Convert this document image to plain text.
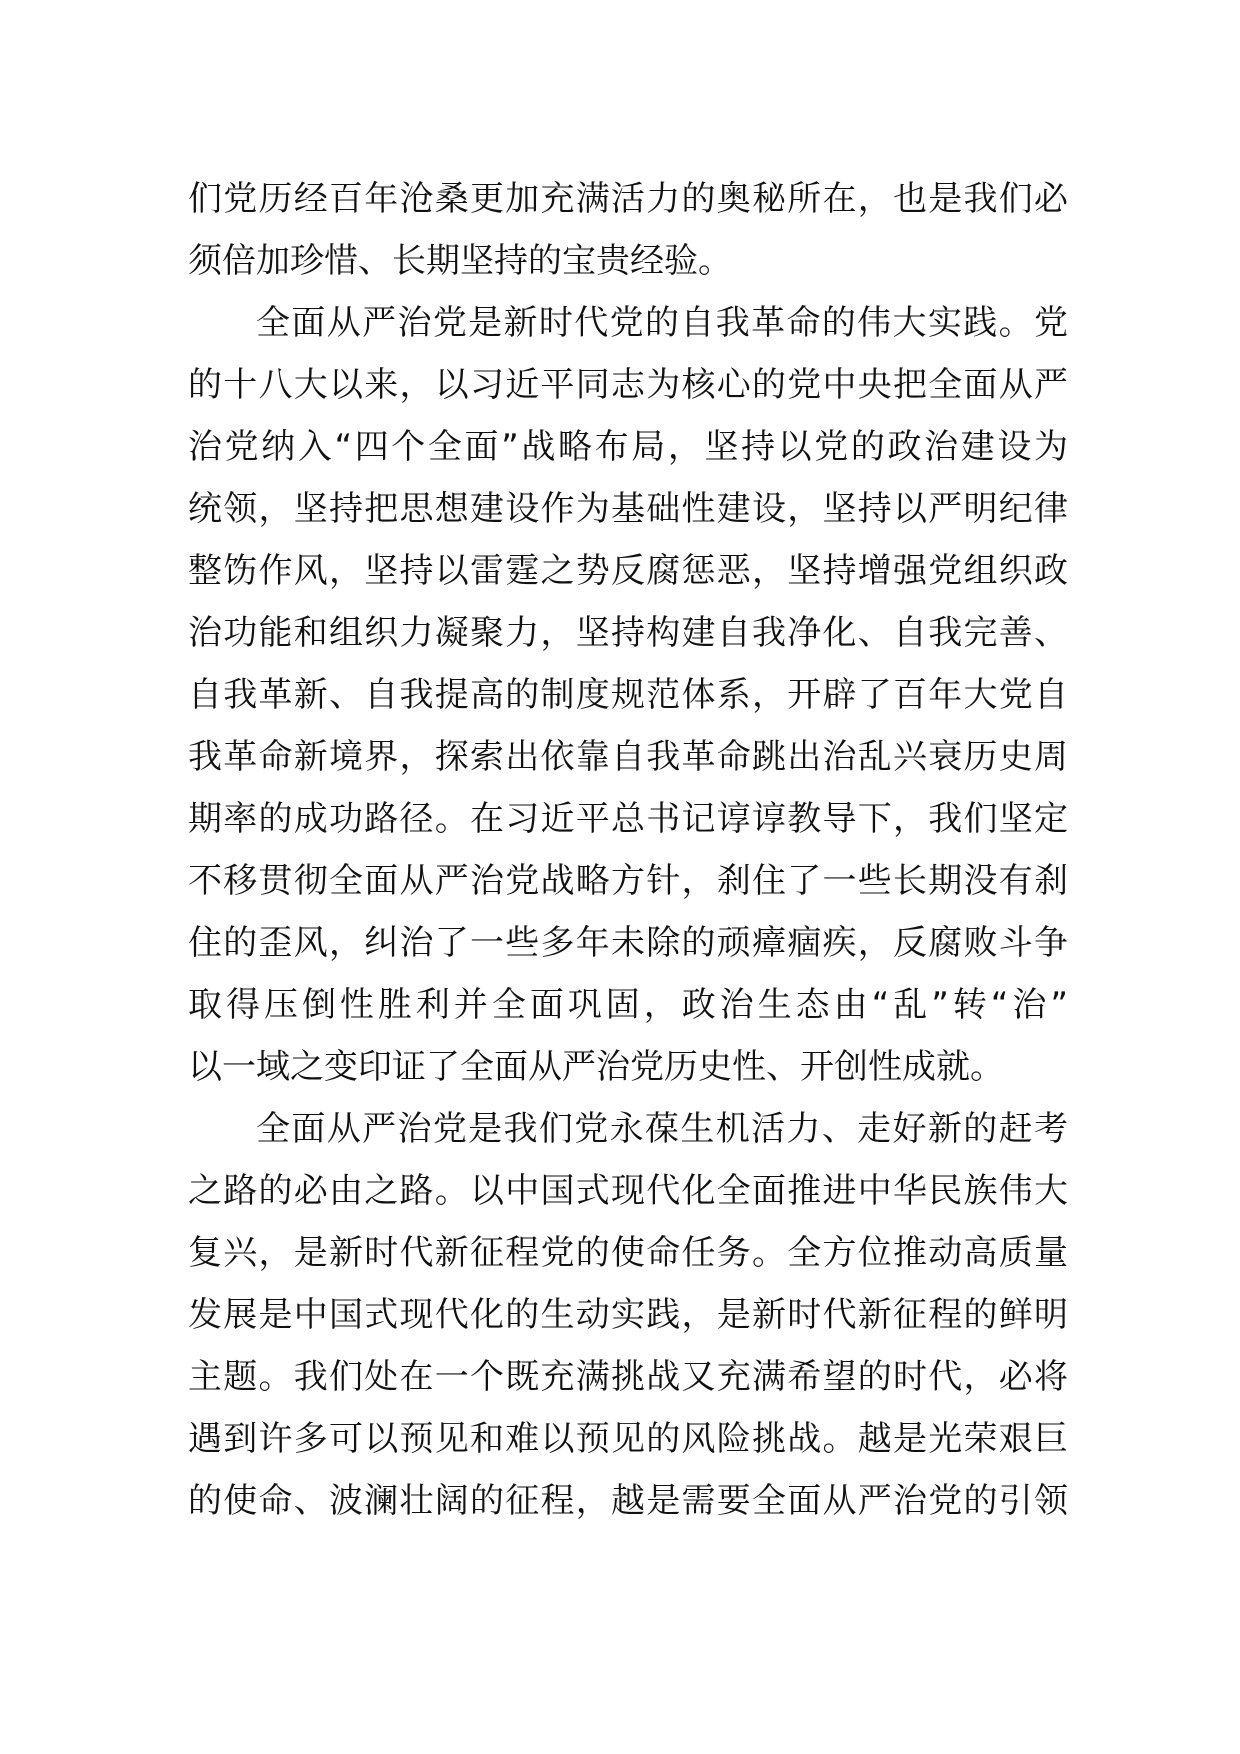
们党历经百年沧桑更加充满活力的奥秘所在，也是我们必
须倍加珍惜、长期坚持的宝贵经验。
全面从严治党是新时代党的自我革命的伟大实践。党
的十八大以来，以习近平同志为核心的党中央把全面从严
治党纳入“四个全面”战略布局，坚持以党的政治建设为
统领，坚持把思想建设作为基础性建设，坚持以严明纪律
整饬作风，坚持以雷霆之势反腐惩恶，坚持增强党组织政
治功能和组织力凝聚力，坚持构建自我净化、自我完善、
自我革新、自我提高的制度规范体系，开辟了百年大党自
我革命新境界，探索出依靠自我革命跳出治乱兴衰历史周
期率的成功路径。在习近平总书记谆谆教导下，我们坚定
不移贯彻全面从严治党战略方针，刹住了一些长期没有刹
住的歪风，纠治了一些多年未除的顽瘴痼疾，反腐败斗争
取得压倒性胜利并全面巩固，政治生态由“乱”转“治”
以一域之变印证了全面从严治党历史性、开创性成就。
全面从严治党是我们党永葆生机活力、走好新的赶考
之路的必由之路。以中国式现代化全面推进中华民族伟大
复兴，是新时代新征程党的使命任务。全方位推动高质量
发展是中国式现代化的生动实践，是新时代新征程的鲜明
主题。我们处在一个既充满挑战又充满希望的时代，必将
遇到许多可以预见和难以预见的风险挑战。越是光荣艰巨
的使命、波澜壮阔的征程，越是需要全面从严治党的引领
